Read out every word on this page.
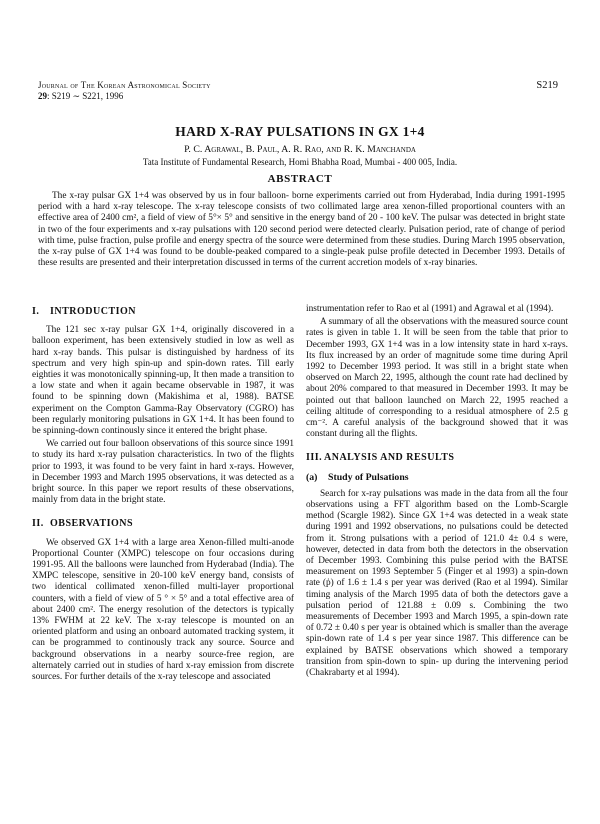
Journal of The Korean Astronomical Society
29: S219 ∼ S221, 1996
S219
HARD X-RAY PULSATIONS IN GX 1+4
P. C. Agrawal, B. Paul, A. R. Rao, and R. K. Manchanda
Tata Institute of Fundamental Research, Homi Bhabha Road, Mumbai - 400 005, India.
ABSTRACT

The x-ray pulsar GX 1+4 was observed by us in four balloon- borne experiments carried out from Hyderabad, India during 1991-1995 period with a hard x-ray telescope. The x-ray telescope consists of two collimated large area xenon-filled proportional counters with an effective area of 2400 cm², a field of view of 5°× 5° and sensitive in the energy band of 20 - 100 keV. The pulsar was detected in bright state in two of the four experiments and x-ray pulsations with 120 second period were detected clearly. Pulsation period, rate of change of period with time, pulse fraction, pulse profile and energy spectra of the source were determined from these studies. During March 1995 observation, the x-ray pulse of GX 1+4 was found to be double-peaked compared to a single-peak pulse profile detected in December 1993. Details of these results are presented and their interpretation discussed in terms of the current accretion models of x-ray binaries.

I. INTRODUCTION

The 121 sec x-ray pulsar GX 1+4, originally discovered in a balloon experiment, has been extensively studied in low as well as hard x-ray bands. This pulsar is distinguished by hardness of its spectrum and very high spin-up and spin-down rates. Till early eighties it was monotonically spinning-up, It then made a transition to a low state and when it again became observable in 1987, it was found to be spinning down (Makishima et al, 1988). BATSE experiment on the Compton Gamma-Ray Observatory (CGRO) has been regularly monitoring pulsations in GX 1+4. It has been found to be spinning-down continously since it entered the bright phase.

We carried out four balloon observations of this source since 1991 to study its hard x-ray pulsation characteristics. In two of the flights prior to 1993, it was found to be very faint in hard x-rays. However, in December 1993 and March 1995 observations, it was detected as a bright source. In this paper we report results of these observations, mainly from data in the bright state.

II. OBSERVATIONS

We observed GX 1+4 with a large area Xenon-filled multi-anode Proportional Counter (XMPC) telescope on four occasions during 1991-95. All the balloons were launched from Hyderabad (India). The XMPC telescope, sensitive in 20-100 keV energy band, consists of two identical collimated xenon-filled multi-layer proportional counters, with a field of view of 5 ° × 5° and a total effective area of about 2400 cm². The energy resolution of the detectors is typically 13% FWHM at 22 keV. The x-ray telescope is mounted on an oriented platform and using an onboard automated tracking system, it can be programmed to continously track any source. Source and background observations in a nearby source-free region, are alternately carried out in studies of hard x-ray emission from discrete sources. For further details of the x-ray telescope and associated

instrumentation refer to Rao et al (1991) and Agrawal et al (1994).

A summary of all the observations with the measured source count rates is given in table 1. It will be seen from the table that prior to December 1993, GX 1+4 was in a low intensity state in hard x-rays. Its flux increased by an order of magnitude some time during April 1992 to December 1993 period. It was still in a bright state when observed on March 22, 1995, although the count rate had declined by about 20% compared to that measured in December 1993. It may be pointed out that balloon launched on March 22, 1995 reached a ceiling altitude of corresponding to a residual atmosphere of 2.5 g cm⁻². A careful analysis of the background showed that it was constant during all the flights.

III. ANALYSIS AND RESULTS
(a) Study of Pulsations

Search for x-ray pulsations was made in the data from all the four observations using a FFT algorithm based on the Lomb-Scargle method (Scargle 1982). Since GX 1+4 was detected in a weak state during 1991 and 1992 observations, no pulsations could be detected from it. Strong pulsations with a period of 121.0 4± 0.4 s were, however, detected in data from both the detectors in the observation of December 1993. Combining this pulse period with the BATSE measurement on 1993 September 5 (Finger et al 1993) a spin-down rate (ṗ) of 1.6 ± 1.4 s per year was derived (Rao et al 1994). Similar timing analysis of the March 1995 data of both the detectors gave a pulsation period of 121.88 ± 0.09 s. Combining the two measurements of December 1993 and March 1995, a spin-down rate of 0.72 ± 0.40 s per year is obtained which is smaller than the average spin-down rate of 1.4 s per year since 1987. This difference can be explained by BATSE observations which showed a temporary transition from spin-down to spin- up during the intervening period (Chakrabarty et al 1994).
